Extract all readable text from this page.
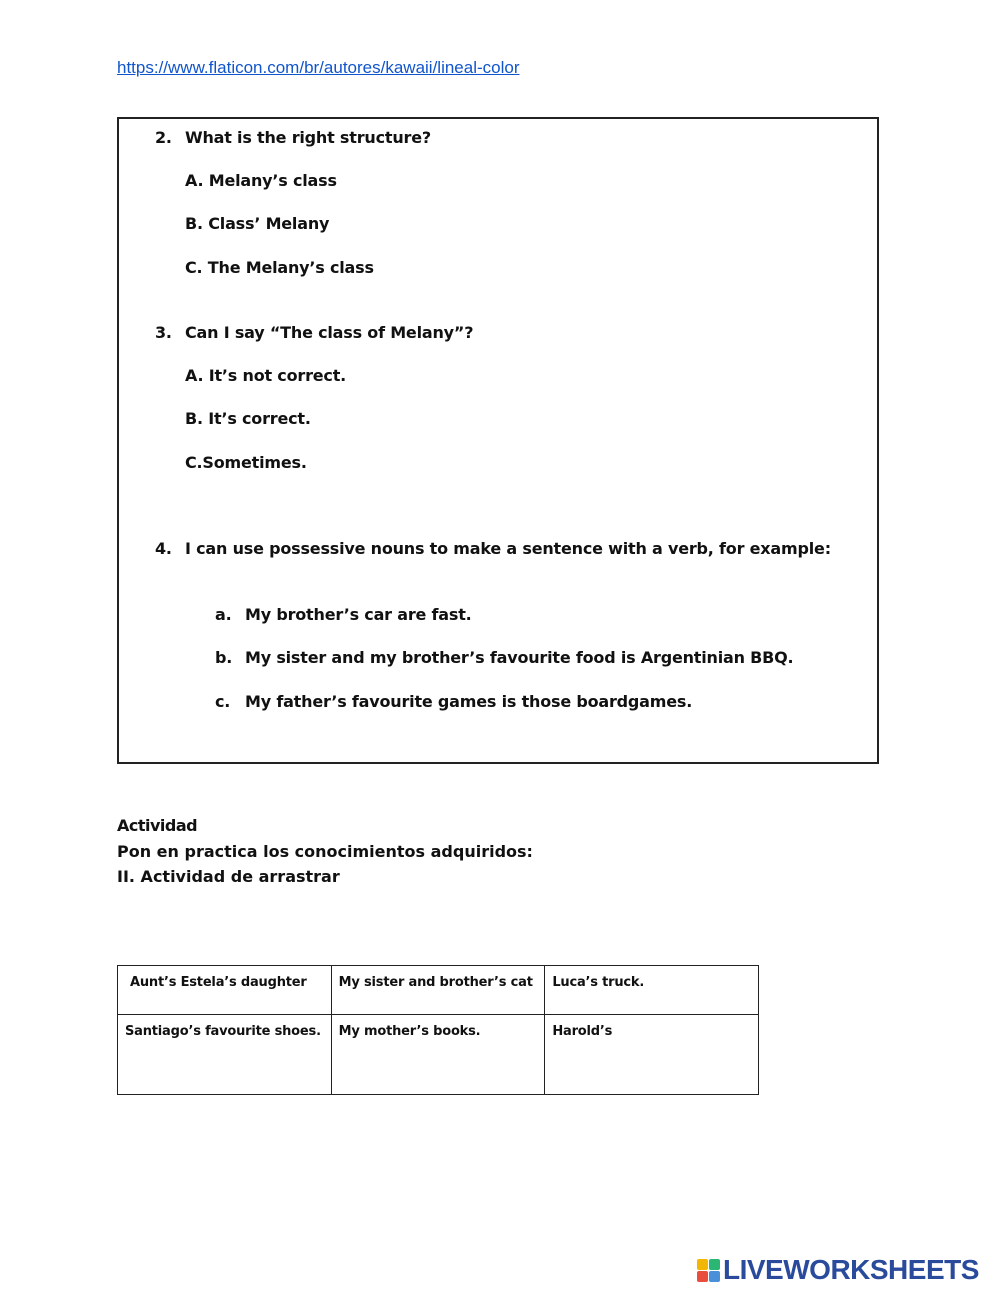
https://www.flaticon.com/br/autores/kawaii/lineal-color
2. What is the right structure?
A. Melany’s class
B. Class’ Melany
C. The Melany’s class
3. Can I say “The class of Melany”?
A. It’s not correct.
B. It’s correct.
C.Sometimes.
4. I can use possessive nouns to make a sentence with a verb, for example:
a. My brother’s car are fast.
b. My sister and my brother’s favourite food is Argentinian BBQ.
c. My father’s favourite games is those boardgames.
Actividad
Pon en practica los conocimientos adquiridos:
II. Actividad de arrastrar
Aunt’s Estela’s daughter	My sister and brother’s cat	Luca’s truck.
Santiago’s favourite shoes.	My mother’s books.	Harold’s
LIVEWORKSHEETS
